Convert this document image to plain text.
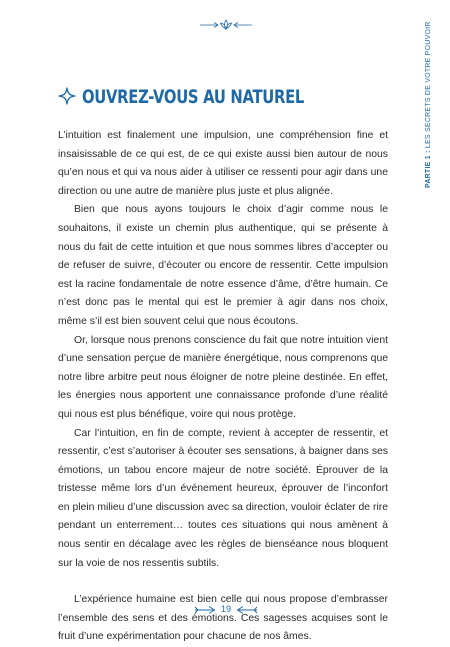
PARTIE 1 : LES SECRETS DE VOTRE POUVOIR
OUVREZ-VOUS AU NATUREL

L’intuition est finalement une impulsion, une compréhension fine et insaisissable de ce qui est, de ce qui existe aussi bien autour de nous qu’en nous et qui va nous aider à utiliser ce ressenti pour agir dans une direction ou une autre de manière plus juste et plus alignée.

Bien que nous ayons toujours le choix d’agir comme nous le souhaitons, il existe un chemin plus authentique, qui se présente à nous du fait de cette intuition et que nous sommes libres d’accepter ou de refuser de suivre, d’écouter ou encore de ressentir. Cette impulsion est la racine fondamentale de notre essence d’âme, d’être humain. Ce n’est donc pas le mental qui est le premier à agir dans nos choix, même s’il est bien souvent celui que nous écoutons.

Or, lorsque nous prenons conscience du fait que notre intuition vient d’une sensation perçue de manière énergétique, nous comprenons que notre libre arbitre peut nous éloigner de notre pleine destinée. En effet, les énergies nous apportent une connaissance profonde d’une réalité qui nous est plus bénéfique, voire qui nous protège.

Car l’intuition, en fin de compte, revient à accepter de ressentir, et ressentir, c’est s’autoriser à écouter ses sensations, à baigner dans ses émotions, un tabou encore majeur de notre société. Éprouver de la tristesse même lors d’un événement heureux, éprouver de l’inconfort en plein milieu d’une discussion avec sa direction, vouloir éclater de rire pendant un enterrement… toutes ces situations qui nous amènent à nous sentir en décalage avec les règles de bienséance nous bloquent sur la voie de nos ressentis subtils.

L’expérience humaine est bien celle qui nous propose d’embrasser l’ensemble des sens et des émotions. Ces sagesses acquises sont le fruit d’une expérimentation pour chacune de nos âmes.

19
